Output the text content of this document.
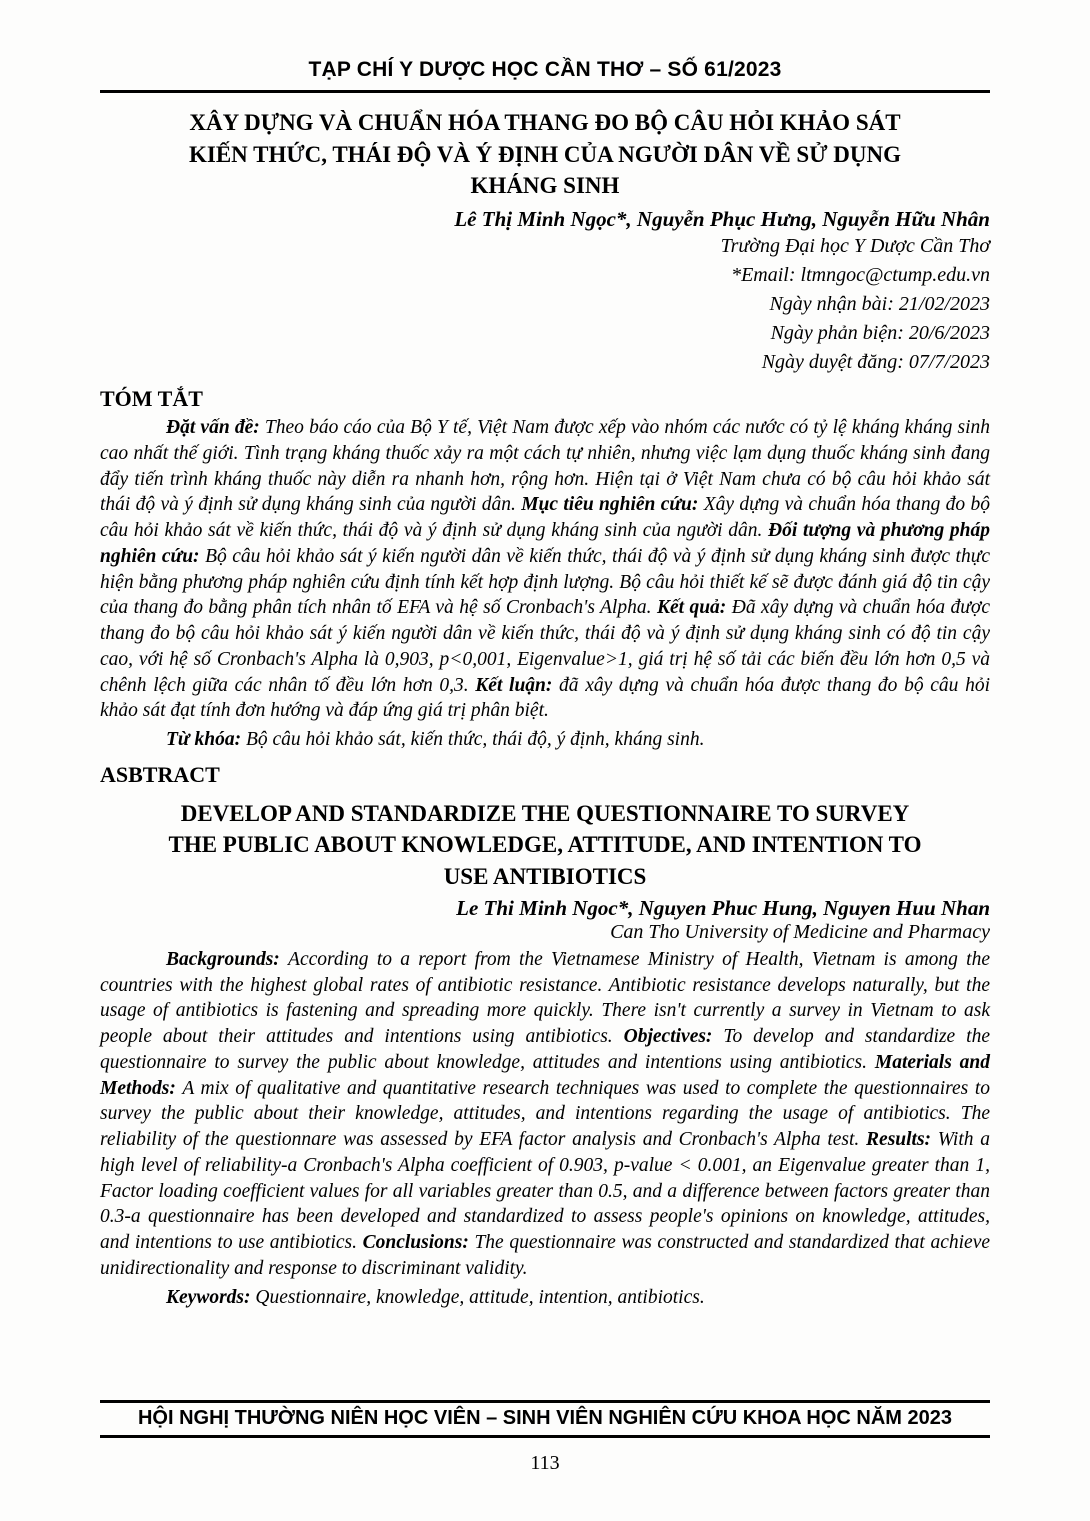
TẠP CHÍ Y DƯỢC HỌC CẦN THƠ – SỐ 61/2023
XÂY DỰNG VÀ CHUẨN HÓA THANG ĐO BỘ CÂU HỎI KHẢO SÁT
KIẾN THỨC, THÁI ĐỘ VÀ Ý ĐỊNH CỦA NGƯỜI DÂN VỀ SỬ DỤNG
KHÁNG SINH
Lê Thị Minh Ngọc*, Nguyễn Phục Hưng, Nguyễn Hữu Nhân
Trường Đại học Y Dược Cần Thơ
*Email: ltmngoc@ctump.edu.vn
Ngày nhận bài: 21/02/2023
Ngày phản biện: 20/6/2023
Ngày duyệt đăng: 07/7/2023
TÓM TẮT

Đặt vấn đề: Theo báo cáo của Bộ Y tế, Việt Nam được xếp vào nhóm các nước có tỷ lệ kháng kháng sinh cao nhất thế giới. Tình trạng kháng thuốc xảy ra một cách tự nhiên, nhưng việc lạm dụng thuốc kháng sinh đang đẩy tiến trình kháng thuốc này diễn ra nhanh hơn, rộng hơn. Hiện tại ở Việt Nam chưa có bộ câu hỏi khảo sát thái độ và ý định sử dụng kháng sinh của người dân. Mục tiêu nghiên cứu: Xây dựng và chuẩn hóa thang đo bộ câu hỏi khảo sát về kiến thức, thái độ và ý định sử dụng kháng sinh của người dân. Đối tượng và phương pháp nghiên cứu: Bộ câu hỏi khảo sát ý kiến người dân về kiến thức, thái độ và ý định sử dụng kháng sinh được thực hiện bằng phương pháp nghiên cứu định tính kết hợp định lượng. Bộ câu hỏi thiết kế sẽ được đánh giá độ tin cậy của thang đo bằng phân tích nhân tố EFA và hệ số Cronbach's Alpha. Kết quả: Đã xây dựng và chuẩn hóa được thang đo bộ câu hỏi khảo sát ý kiến người dân về kiến thức, thái độ và ý định sử dụng kháng sinh có độ tin cậy cao, với hệ số Cronbach's Alpha là 0,903, p<0,001, Eigenvalue>1, giá trị hệ số tải các biến đều lớn hơn 0,5 và chênh lệch giữa các nhân tố đều lớn hơn 0,3. Kết luận: đã xây dựng và chuẩn hóa được thang đo bộ câu hỏi khảo sát đạt tính đơn hướng và đáp ứng giá trị phân biệt.

Từ khóa: Bộ câu hỏi khảo sát, kiến thức, thái độ, ý định, kháng sinh.

ASBTRACT
DEVELOP AND STANDARDIZE THE QUESTIONNAIRE TO SURVEY
THE PUBLIC ABOUT KNOWLEDGE, ATTITUDE, AND INTENTION TO
USE ANTIBIOTICS
Le Thi Minh Ngoc*, Nguyen Phuc Hung, Nguyen Huu Nhan
Can Tho University of Medicine and Pharmacy

Backgrounds: According to a report from the Vietnamese Ministry of Health, Vietnam is among the countries with the highest global rates of antibiotic resistance. Antibiotic resistance develops naturally, but the usage of antibiotics is fastening and spreading more quickly. There isn't currently a survey in Vietnam to ask people about their attitudes and intentions using antibiotics. Objectives: To develop and standardize the questionnaire to survey the public about knowledge, attitudes and intentions using antibiotics. Materials and Methods: A mix of qualitative and quantitative research techniques was used to complete the questionnaires to survey the public about their knowledge, attitudes, and intentions regarding the usage of antibiotics. The reliability of the questionnare was assessed by EFA factor analysis and Cronbach's Alpha test. Results: With a high level of reliability-a Cronbach's Alpha coefficient of 0.903, p-value < 0.001, an Eigenvalue greater than 1, Factor loading coefficient values for all variables greater than 0.5, and a difference between factors greater than 0.3-a questionnaire has been developed and standardized to assess people's opinions on knowledge, attitudes, and intentions to use antibiotics. Conclusions: The questionnaire was constructed and standardized that achieve unidirectionality and response to discriminant validity.

Keywords: Questionnaire, knowledge, attitude, intention, antibiotics.

HỘI NGHỊ THƯỜNG NIÊN HỌC VIÊN – SINH VIÊN NGHIÊN CỨU KHOA HỌC NĂM 2023
113
